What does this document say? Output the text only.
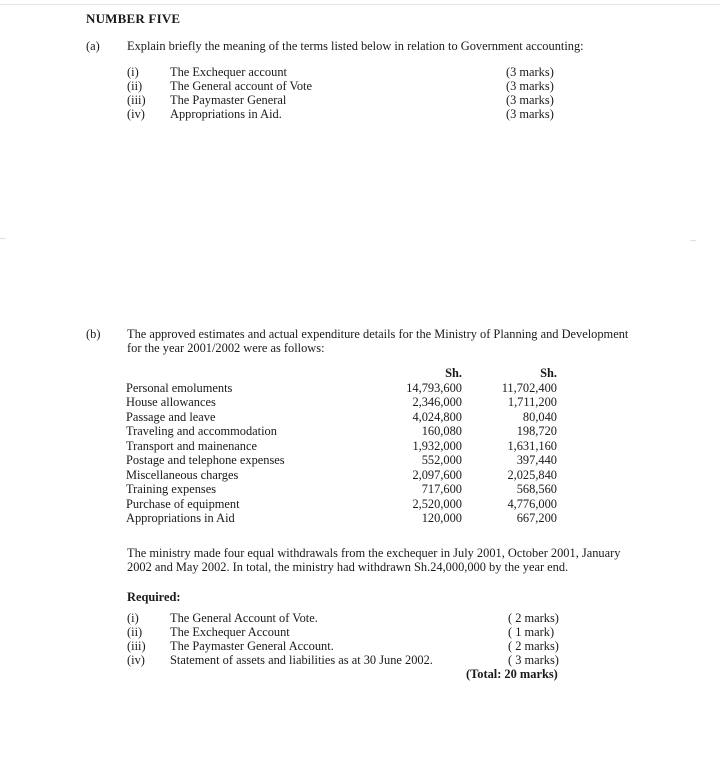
NUMBER FIVE
(a) Explain briefly the meaning of the terms listed below in relation to Government accounting:
(i)	The Exchequer account	(3 marks)
(ii)	The General account of Vote	(3 marks)
(iii)	The Paymaster General	(3 marks)
(iv)	Appropriations in Aid.	(3 marks)
(b) The approved estimates and actual expenditure details for the Ministry of Planning and Development
for the year 2001/2002 were as follows:
	Sh.	Sh.
Personal emoluments	14,793,600	11,702,400
House allowances	2,346,000	1,711,200
Passage and leave	4,024,800	80,040
Traveling and accommodation	160,080	198,720
Transport and mainenance	1,932,000	1,631,160
Postage and telephone expenses	552,000	397,440
Miscellaneous charges	2,097,600	2,025,840
Training expenses	717,600	568,560
Purchase of equipment	2,520,000	4,776,000
Appropriations in Aid	120,000	667,200
The ministry made four equal withdrawals from the exchequer in July 2001, October 2001, January
2002 and May 2002. In total, the ministry had withdrawn Sh.24,000,000 by the year end.
Required:
(i)	The General Account of Vote.	( 2 marks)
(ii)	The Exchequer Account	( 1 mark)
(iii)	The Paymaster General Account.	( 2 marks)
(iv)	Statement of assets and liabilities as at 30 June 2002.	( 3 marks)
(Total: 20 marks)
